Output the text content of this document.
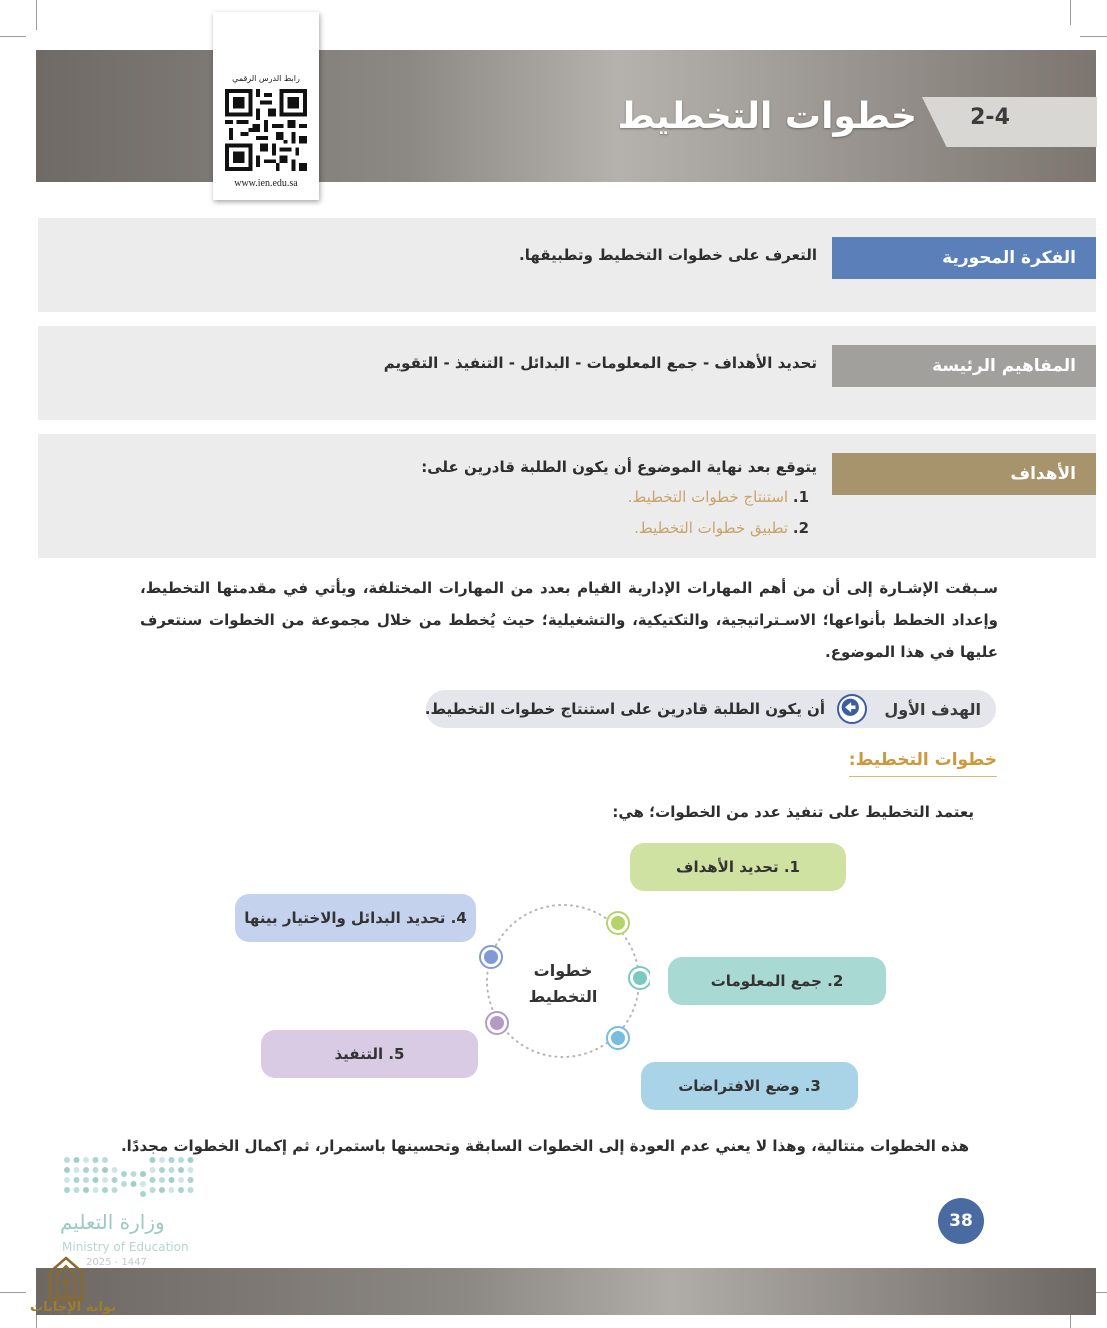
2-4
خطوات التخطيط
رابط الدرس الرقمي
www.ien.edu.sa
الفكرة المحورية
التعرف على خطوات التخطيط وتطبيقها.
المفاهيم الرئيسة
تحديد الأهداف - جمع المعلومات - البدائل - التنفيذ - التقويم
الأهداف
يتوقع بعد نهاية الموضوع أن يكون الطلبة قادرين على:
1. استنتاج خطوات التخطيط.
2. تطبيق خطوات التخطيط.
سـبقت الإشـارة إلى أن من أهم المهارات الإدارية القيام بعدد من المهارات المختلفة، ويأتي في مقدمتها التخطيط، وإعداد الخطط بأنواعها؛ الاسـتراتيجية، والتكتيكية، والتشغيلية؛ حيث يُخطط من خلال مجموعة من الخطوات سنتعرف عليها في هذا الموضوع.
الهدف الأول
أن يكون الطلبة قادرين على استنتاج خطوات التخطيط.
خطوات التخطيط:
يعتمد التخطيط على تنفيذ عدد من الخطوات؛ هي:
خطوات
التخطيط
1. تحديد الأهداف
2. جمع المعلومات
3. وضع الافتراضات
4. تحديد البدائل والاختيار بينها
5. التنفيذ
هذه الخطوات متتالية، وهذا لا يعني عدم العودة إلى الخطوات السابقة وتحسينها باستمرار، ثم إكمال الخطوات مجددًا.
38
وزارة التعليم
Ministry of Education
2025 - 1447
بوابة الإجابات
